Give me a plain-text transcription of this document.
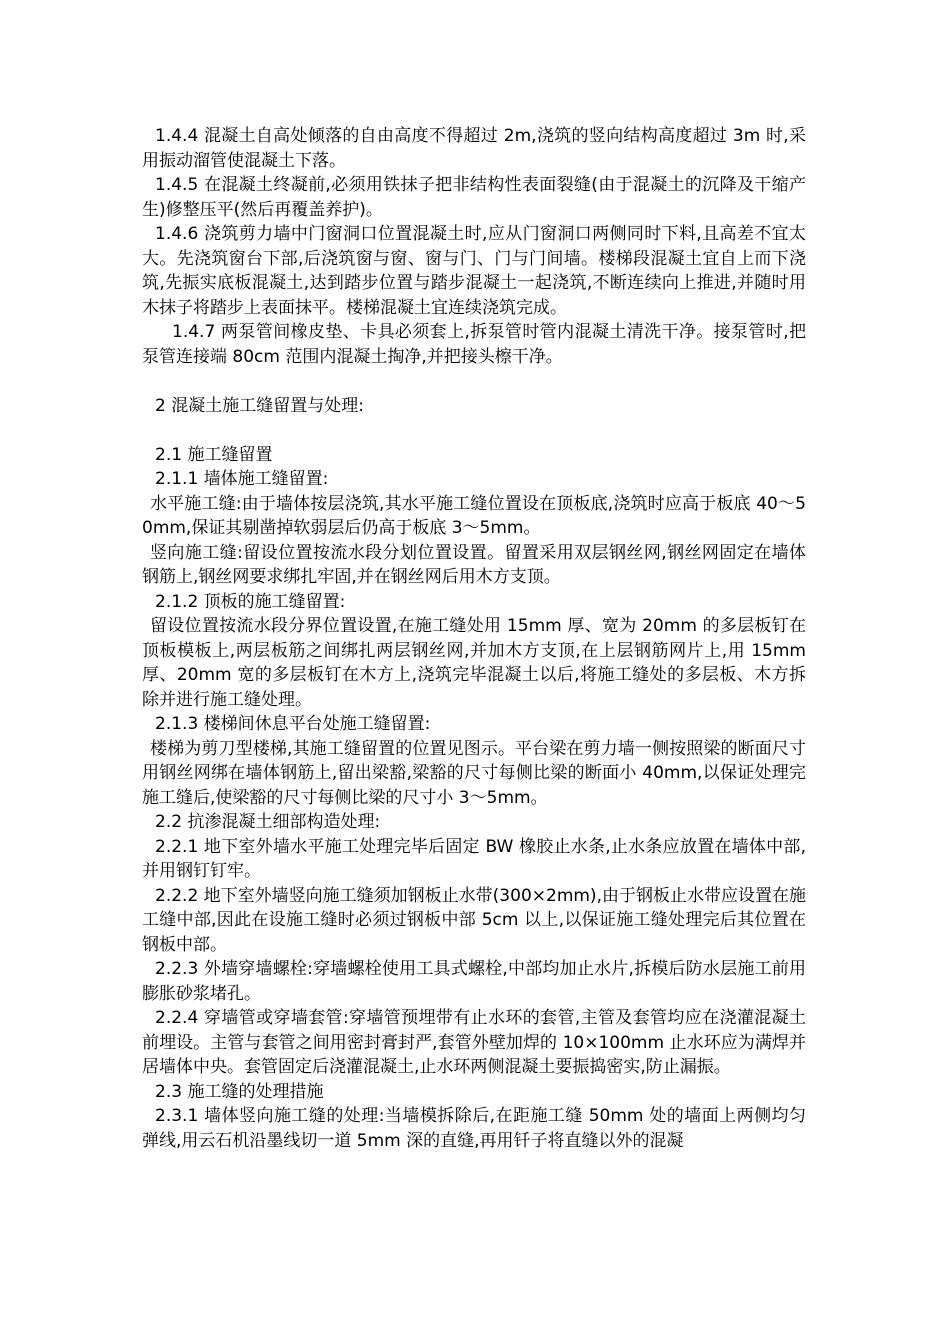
1.4.4 混凝土自高处倾落的自由高度不得超过 2m,浇筑的竖向结构高度超过 3m 时,采用振动溜管使混凝土下落。

1.4.5 在混凝土终凝前,必须用铁抹子把非结构性表面裂缝(由于混凝土的沉降及干缩产生)修整压平(然后再覆盖养护)。

1.4.6 浇筑剪力墙中门窗洞口位置混凝土时,应从门窗洞口两侧同时下料,且高差不宜太大。先浇筑窗台下部,后浇筑窗与窗、窗与门、门与门间墙。楼梯段混凝土宜自上而下浇筑,先振实底板混凝土,达到踏步位置与踏步混凝土一起浇筑,不断连续向上推进,并随时用木抹子将踏步上表面抹平。楼梯混凝土宜连续浇筑完成。

1.4.7 两泵管间橡皮垫、卡具必须套上,拆泵管时管内混凝土清洗干净。接泵管时,把泵管连接端 80cm 范围内混凝土掏净,并把接头檫干净。

2 混凝土施工缝留置与处理:

2.1 施工缝留置

2.1.1 墙体施工缝留置:

水平施工缝:由于墙体按层浇筑,其水平施工缝位置设在顶板底,浇筑时应高于板底 40～50mm,保证其剔凿掉软弱层后仍高于板底 3～5mm。

竖向施工缝:留设位置按流水段分划位置设置。留置采用双层钢丝网,钢丝网固定在墙体钢筋上,钢丝网要求绑扎牢固,并在钢丝网后用木方支顶。

2.1.2 顶板的施工缝留置:

留设位置按流水段分界位置设置,在施工缝处用 15mm 厚、宽为 20mm 的多层板钉在顶板模板上,两层板筋之间绑扎两层钢丝网,并加木方支顶,在上层钢筋网片上,用 15mm 厚、20mm 宽的多层板钉在木方上,浇筑完毕混凝土以后,将施工缝处的多层板、木方拆除并进行施工缝处理。

2.1.3 楼梯间休息平台处施工缝留置:

楼梯为剪刀型楼梯,其施工缝留置的位置见图示。平台梁在剪力墙一侧按照梁的断面尺寸用钢丝网绑在墙体钢筋上,留出梁豁,梁豁的尺寸每侧比梁的断面小 40mm,以保证处理完施工缝后,使梁豁的尺寸每侧比梁的尺寸小 3～5mm。

2.2 抗渗混凝土细部构造处理:

2.2.1 地下室外墙水平施工处理完毕后固定 BW 橡胶止水条,止水条应放置在墙体中部,并用钢钉钉牢。

2.2.2 地下室外墙竖向施工缝须加钢板止水带(300×2mm),由于钢板止水带应设置在施工缝中部,因此在设施工缝时必须过钢板中部 5cm 以上,以保证施工缝处理完后其位置在钢板中部。

2.2.3 外墙穿墙螺栓:穿墙螺栓使用工具式螺栓,中部均加止水片,拆模后防水层施工前用膨胀砂浆堵孔。

2.2.4 穿墙管或穿墙套管:穿墙管预埋带有止水环的套管,主管及套管均应在浇灌混凝土前埋设。主管与套管之间用密封膏封严,套管外壁加焊的 10×100mm 止水环应为满焊并居墙体中央。套管固定后浇灌混凝土,止水环两侧混凝土要振捣密实,防止漏振。

2.3 施工缝的处理措施

2.3.1 墙体竖向施工缝的处理:当墙模拆除后,在距施工缝 50mm 处的墙面上两侧均匀弹线,用云石机沿墨线切一道 5mm 深的直缝,再用钎子将直缝以外的混凝
